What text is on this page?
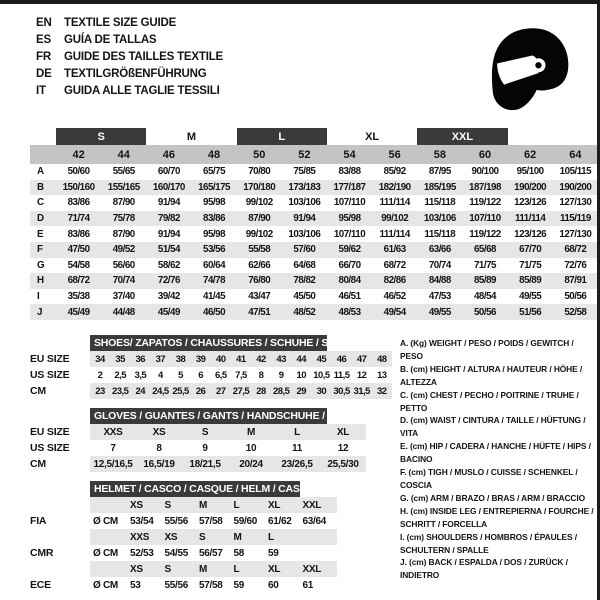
EN	TEXTILE SIZE GUIDE
ES	GUÍA DE TALLAS
FR	GUIDE DES TAILLES TEXTILE
DE	TEXTILGRÖßENFÜHRUNG
IT	GUIDA ALLE TAGLIE TESSILI
	S		M		L		XL		XXL			
	42	44	46	48	50	52	54	56	58	60	62	64
A	50/60	55/65	60/70	65/75	70/80	75/85	83/88	85/92	87/95	90/100	95/100	105/115
B	150/160	155/165	160/170	165/175	170/180	173/183	177/187	182/190	185/195	187/198	190/200	190/200
C	83/86	87/90	91/94	95/98	99/102	103/106	107/110	111/114	115/118	119/122	123/126	127/130
D	71/74	75/78	79/82	83/86	87/90	91/94	95/98	99/102	103/106	107/110	111/114	115/119
E	83/86	87/90	91/94	95/98	99/102	103/106	107/110	111/114	115/118	119/122	123/126	127/130
F	47/50	49/52	51/54	53/56	55/58	57/60	59/62	61/63	63/66	65/68	67/70	68/72
G	54/58	56/60	58/62	60/64	62/66	64/68	66/70	68/72	70/74	71/75	71/75	72/76
H	68/72	70/74	72/76	74/78	76/80	78/82	80/84	82/86	84/88	85/89	85/89	87/91
I	35/38	37/40	39/42	41/45	43/47	45/50	46/51	46/52	47/53	48/54	49/55	50/56
J	45/49	44/48	45/49	46/50	47/51	48/52	48/53	49/54	49/55	50/56	51/56	52/58
SHOES/ ZAPATOS / CHAUSSURES / SCHUHE / SCARPE
EU SIZE	34	35	36	37	38	39	40	41	42	43	44	45	46	47	48
US SIZE	2	2,5 3,5	4	5	6	6,5 7,5	8	9	10 10,5 11,5 12	13
CM	23 23,5 24 24,5 25,5 26	27 27,5 28 28,5 29	30 30,5 31,5 32
GLOVES / GUANTES / GANTS / HANDSCHUHE / GUANTI
EU SIZE	XXS	XS	S	M	L	XL
US SIZE	7	8	9	10	11	12
CM	12,5/16,5	16,5/19	18/21,5	20/24	23/26,5	25,5/30
HELMET / CASCO / CASQUE / HELM / CASCO
XS	S	M	L	XL	XXL
FIA	Ø CM	53/54	55/56	57/58	59/60	61/62	63/64
XXS	XS	S	M	L
CMR	Ø CM	52/53	54/55	56/57	58	59
XS	S	M	L	XL	XXL
ECE	Ø CM	53	55/56	57/58	59	60	61
A. (Kg) WEIGHT / PESO / POIDS / GEWITCH / PESO
B. (cm) HEIGHT / ALTURA / HAUTEUR / HÖHE / ALTEZZA
C. (cm) CHEST / PECHO / POITRINE / TRUHE / PETTO
D. (cm) WAIST / CINTURA / TAILLE / HÜFTUNG / VITA
E. (cm) HIP / CADERA / HANCHE / HÜFTE / HIPS / BACINO
F. (cm) TIGH / MUSLO / CUISSE / SCHENKEL / COSCIA
G. (cm) ARM / BRAZO / BRAS / ARM / BRACCIO
H. (cm) INSIDE LEG / ENTREPIERNA / FOURCHE / SCHRITT / FORCELLA
I. (cm) SHOULDERS / HOMBROS / ÉPAULES / SCHULTERN / SPALLE
J. (cm) BACK / ESPALDA / DOS / ZURÜCK / INDIETRO
